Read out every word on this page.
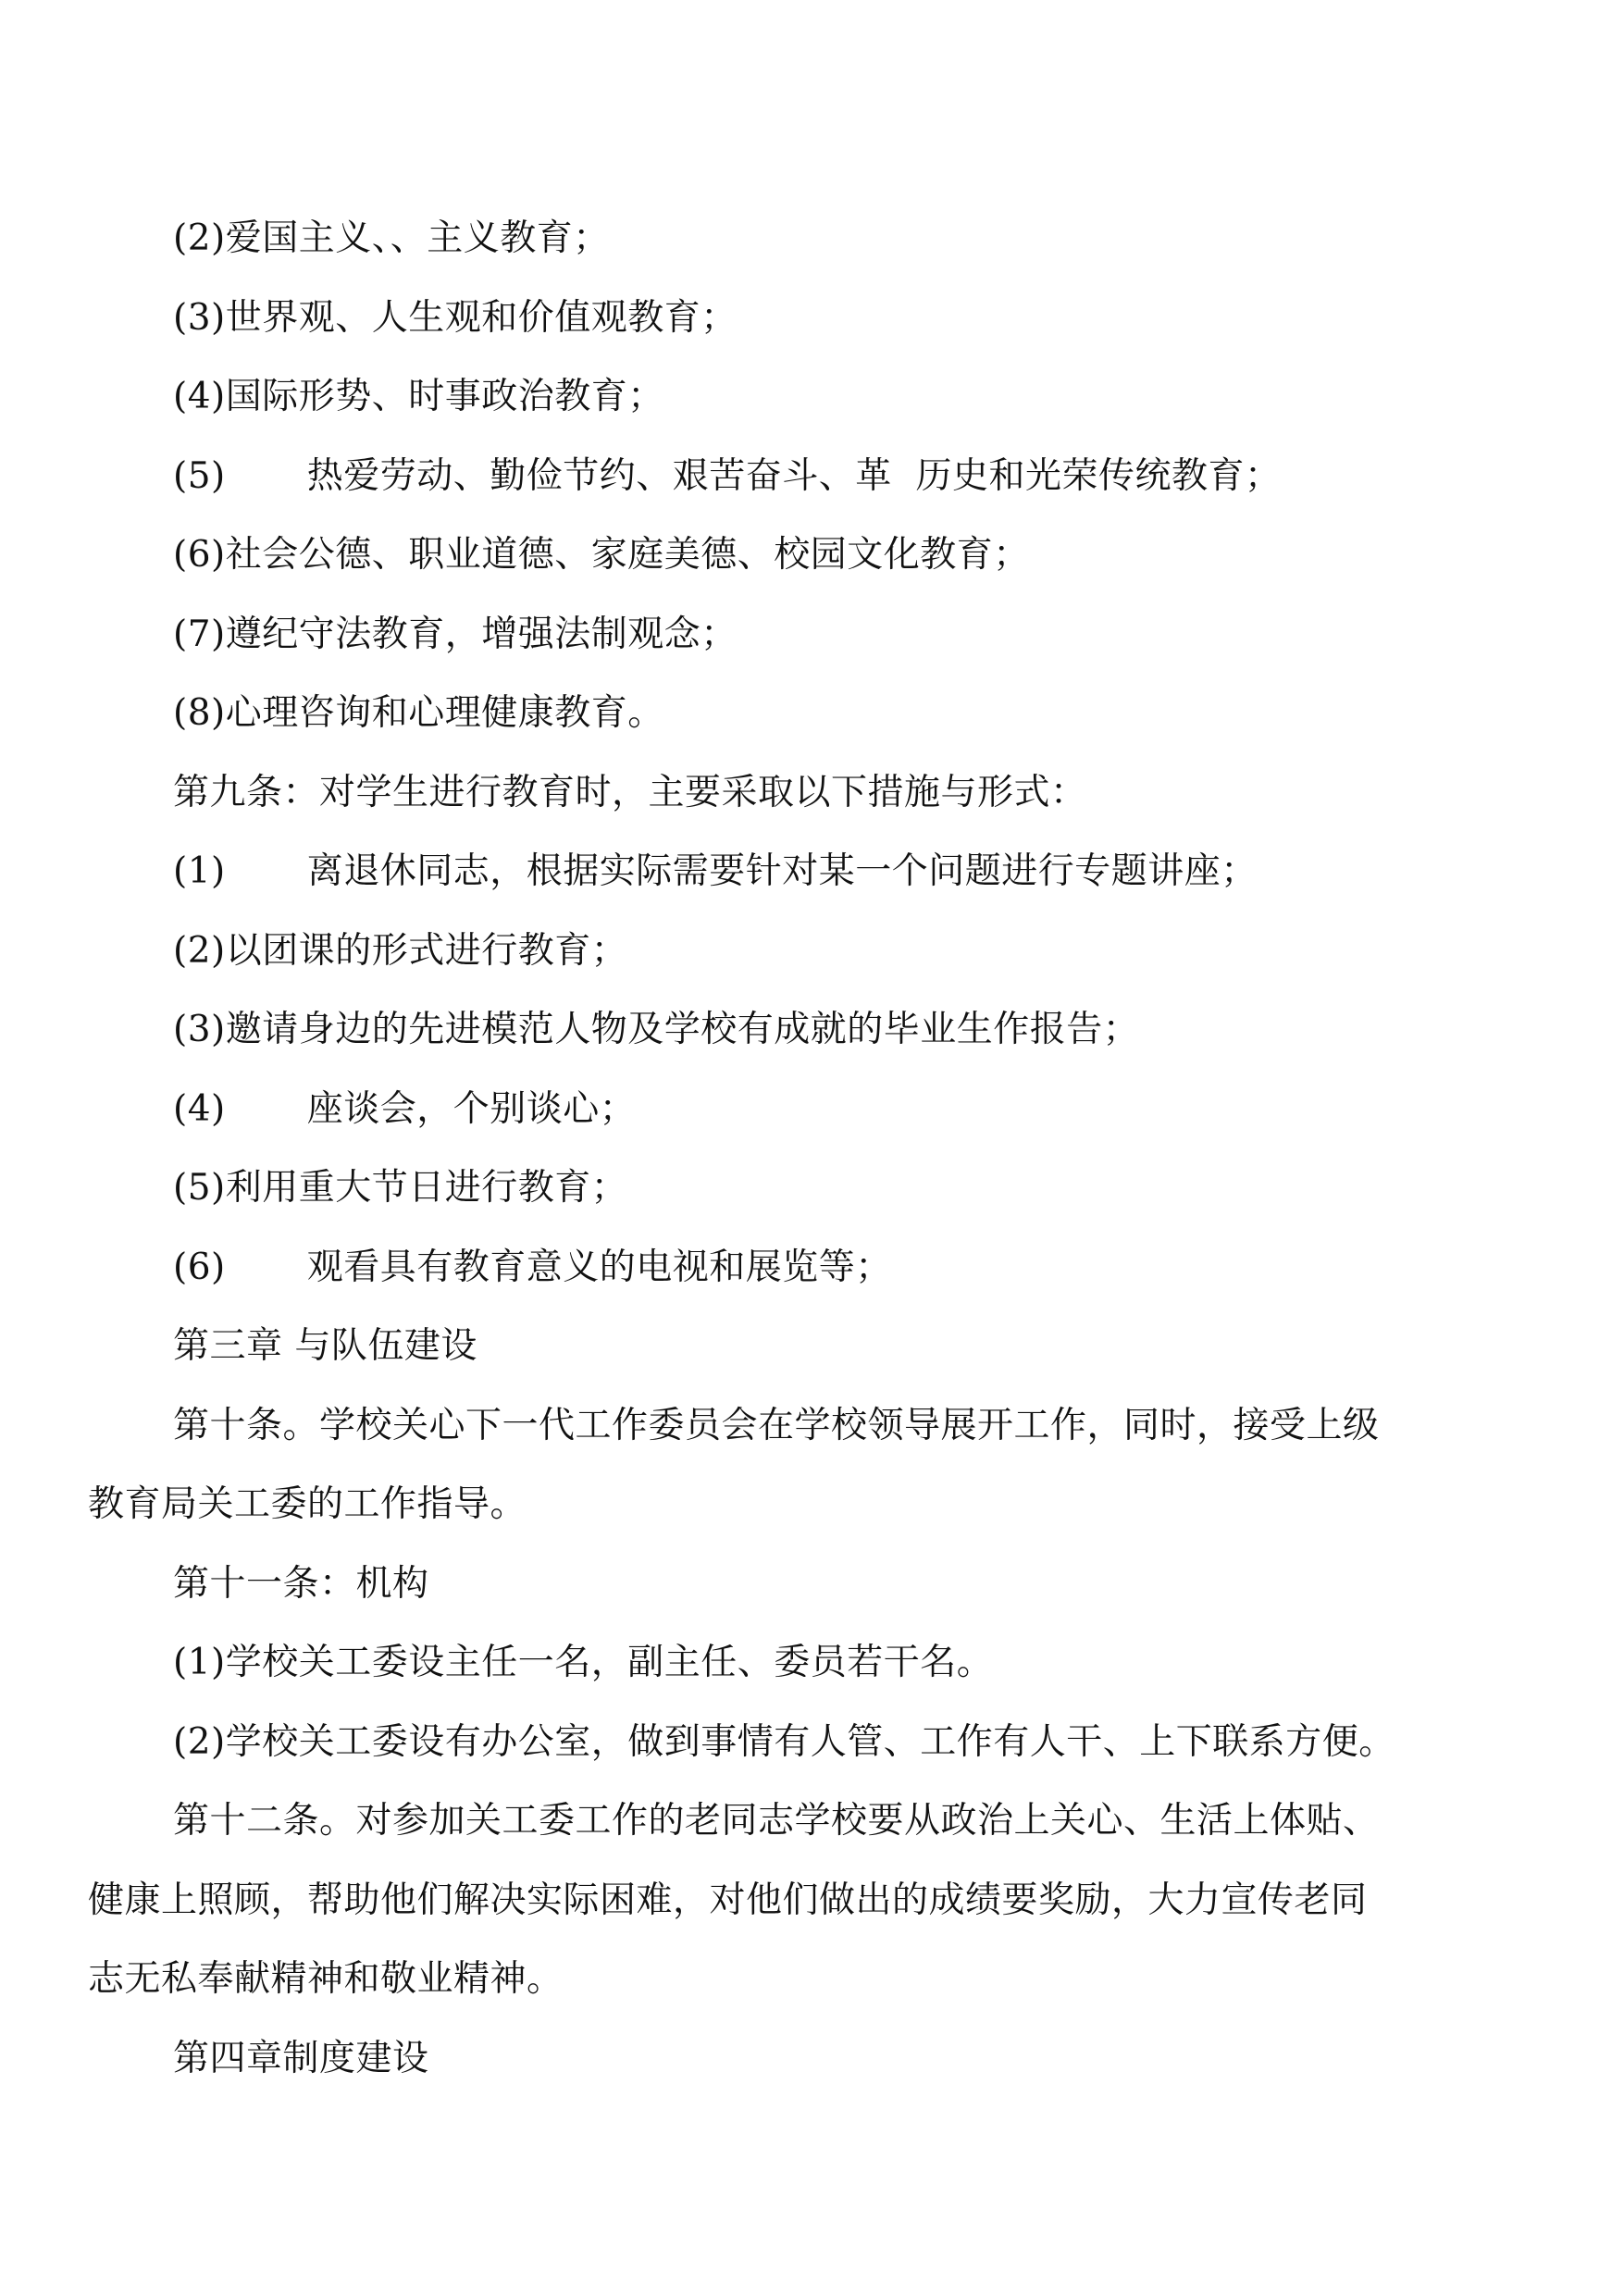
(2)爱国主义、、主义教育；
(3)世界观、人生观和价值观教育；
(4)国际形势、时事政治教育；
(5) 热爱劳动、勤俭节约、艰苦奋斗、革  历史和光荣传统教育；
(6)社会公德、职业道德、家庭美德、校园文化教育；
(7)遵纪守法教育，增强法制观念；
(8)心理咨询和心理健康教育。
第九条：对学生进行教育时，主要采取以下措施与形式：
(1) 离退休同志，根据实际需要针对某一个问题进行专题讲座；
(2)以团课的形式进行教育；
(3)邀请身边的先进模范人物及学校有成就的毕业生作报告；
(4) 座谈会，个别谈心；
(5)利用重大节日进行教育；
(6) 观看具有教育意义的电视和展览等；
第三章 与队伍建设
第十条。学校关心下一代工作委员会在学校领导展开工作，同时，接受上级
教育局关工委的工作指导。
第十一条：机构
(1)学校关工委设主任一名，副主任、委员若干名。
(2)学校关工委设有办公室，做到事情有人管、工作有人干、上下联系方便。
第十二条。对参加关工委工作的老同志学校要从政治上关心、生活上体贴、
健康上照顾，帮助他们解决实际困难，对他们做出的成绩要奖励，大力宣传老同
志无私奉献精神和敬业精神。
第四章制度建设
